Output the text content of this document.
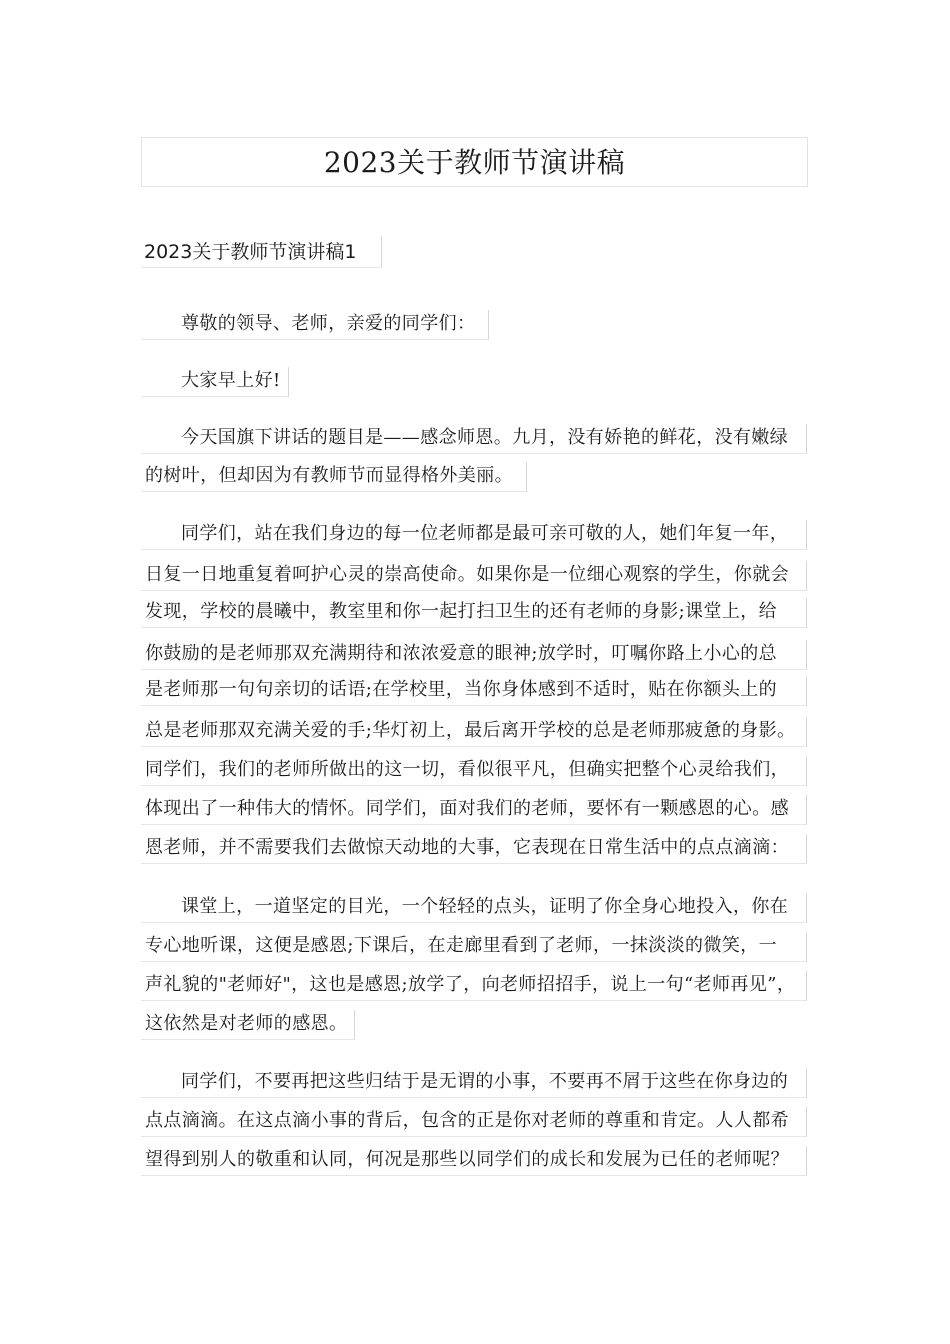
2023关于教师节演讲稿
2023关于教师节演讲稿1
尊敬的领导、老师，亲爱的同学们：
大家早上好!
今天国旗下讲话的题目是——感念师恩。九月，没有娇艳的鲜花，没有嫩绿
的树叶，但却因为有教师节而显得格外美丽。
同学们，站在我们身边的每一位老师都是最可亲可敬的人，她们年复一年，
日复一日地重复着呵护心灵的崇高使命。如果你是一位细心观察的学生，你就会
发现，学校的晨曦中，教室里和你一起打扫卫生的还有老师的身影;课堂上，给
你鼓励的是老师那双充满期待和浓浓爱意的眼神;放学时，叮嘱你路上小心的总
是老师那一句句亲切的话语;在学校里，当你身体感到不适时，贴在你额头上的
总是老师那双充满关爱的手;华灯初上，最后离开学校的总是老师那疲惫的身影。
同学们，我们的老师所做出的这一切，看似很平凡，但确实把整个心灵给我们，
体现出了一种伟大的情怀。同学们，面对我们的老师，要怀有一颗感恩的心。感
恩老师，并不需要我们去做惊天动地的大事，它表现在日常生活中的点点滴滴：
课堂上，一道坚定的目光，一个轻轻的点头，证明了你全身心地投入，你在
专心地听课，这便是感恩;下课后，在走廊里看到了老师，一抹淡淡的微笑，一
声礼貌的"老师好"，这也是感恩;放学了，向老师招招手，说上一句“老师再见”，
这依然是对老师的感恩。
同学们，不要再把这些归结于是无谓的小事，不要再不屑于这些在你身边的
点点滴滴。在这点滴小事的背后，包含的正是你对老师的尊重和肯定。人人都希
望得到别人的敬重和认同，何况是那些以同学们的成长和发展为已任的老师呢？
